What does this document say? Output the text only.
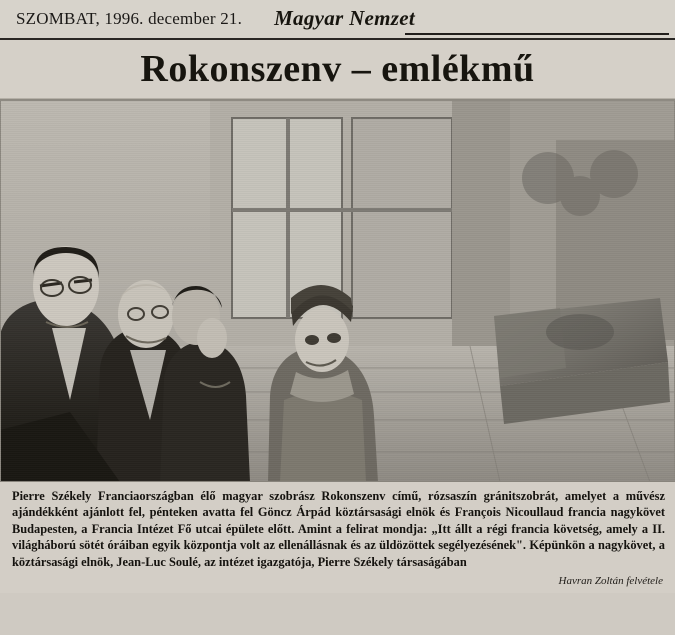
SZOMBAT, 1996. december 21. Magyar Nemzet
Rokonszenv – emlékmű

Pierre Székely Franciaországban élő magyar szobrász Rokonszenv című, rózsaszín gránitszobrát, amelyet a művész ajándékként ajánlott fel, pénteken avatta fel Göncz Árpád köztársasági elnök és François Nicoullaud francia nagykövet Budapesten, a Francia Intézet Fő utcai épülete előtt. Amint a felirat mondja: „Itt állt a régi francia követség, amely a II. világháború sötét óráiban egyik központja volt az ellenállásnak és az üldözöttek segélyezésének". Képünkön a nagykövet, a köztársasági elnök, Jean-Luc Soulé, az intézet igazgatója, Pierre Székely társaságában

Havran Zoltán felvétele
